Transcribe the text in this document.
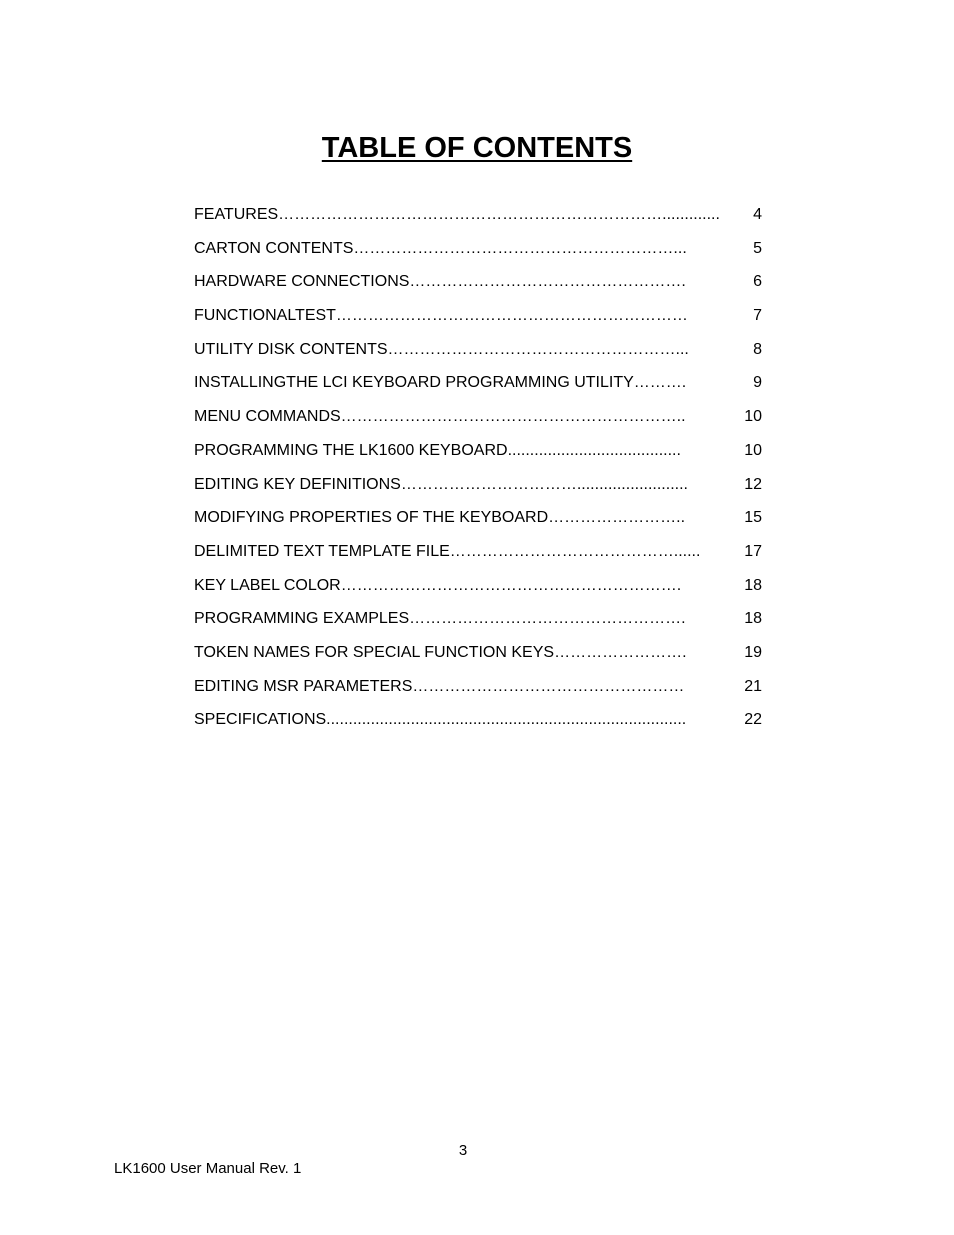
TABLE OF CONTENTS
FEATURES……………………………………………………………….............	4
CARTON CONTENTS……………………………………………………...	5
HARDWARE CONNECTIONS…………………………………………….	6
FUNCTIONALTEST…………………………………………………………	7
UTILITY DISK CONTENTS………………………………………………...	8
INSTALLINGTHE LCI KEYBOARD PROGRAMMING UTILITY……….	9
MENU COMMANDS………………………………………………………..	10
PROGRAMMING THE LK1600 KEYBOARD.......................................	10
EDITING KEY DEFINITIONS…………………………….........................	12
MODIFYING PROPERTIES OF THE KEYBOARD……………………..	15
DELIMITED TEXT TEMPLATE FILE……………………………………......	17
KEY LABEL COLOR……………………………………………………….	18
PROGRAMMING EXAMPLES…………………………………………….	18
TOKEN NAMES FOR SPECIAL FUNCTION KEYS…………………….	19
EDITING MSR PARAMETERS……………………………………………	21
SPECIFICATIONS.................................................................................	22
3
LK1600 User Manual Rev. 1
